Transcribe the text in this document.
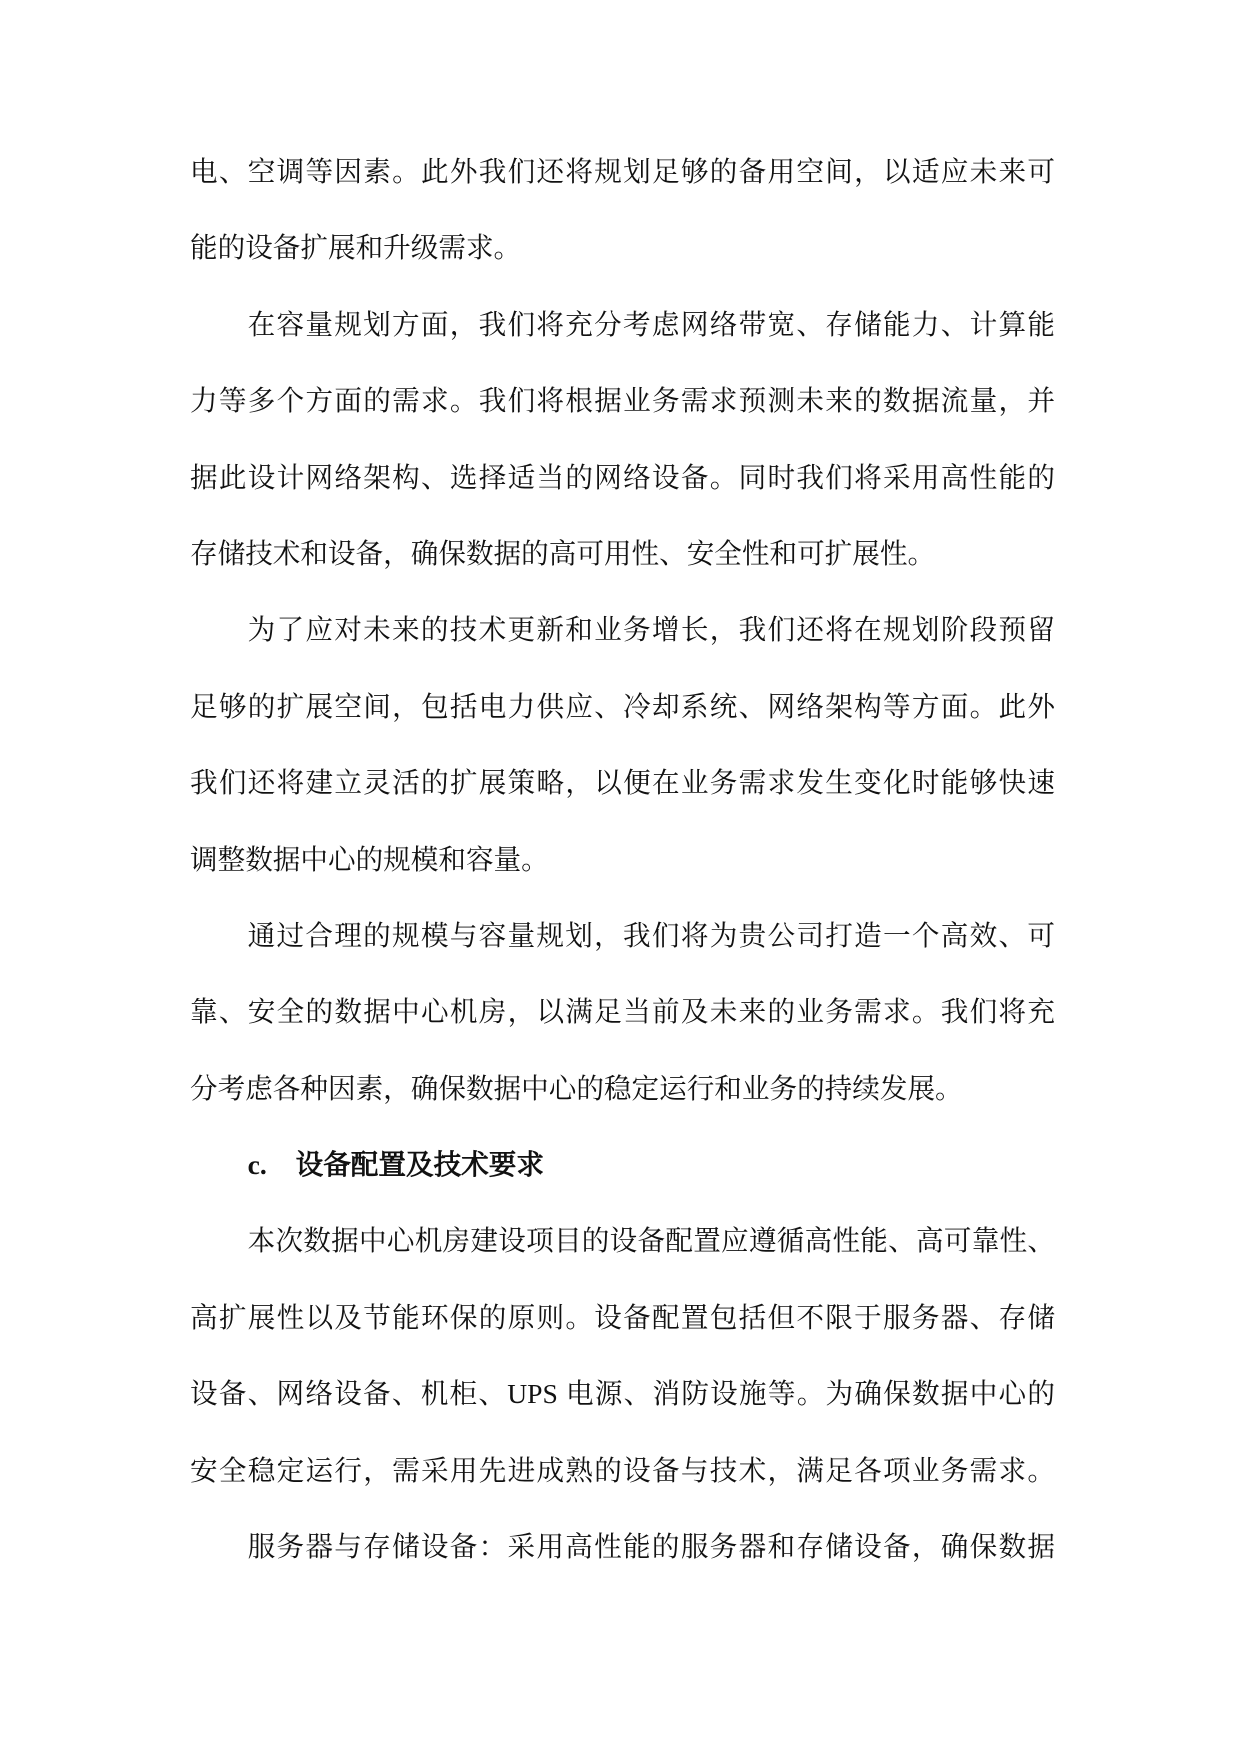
电、空调等因素。此外我们还将规划足够的备用空间，以适应未来可
能的设备扩展和升级需求。
在容量规划方面，我们将充分考虑网络带宽、存储能力、计算能
力等多个方面的需求。我们将根据业务需求预测未来的数据流量，并
据此设计网络架构、选择适当的网络设备。同时我们将采用高性能的
存储技术和设备，确保数据的高可用性、安全性和可扩展性。
为了应对未来的技术更新和业务增长，我们还将在规划阶段预留
足够的扩展空间，包括电力供应、冷却系统、网络架构等方面。此外
我们还将建立灵活的扩展策略，以便在业务需求发生变化时能够快速
调整数据中心的规模和容量。
通过合理的规模与容量规划，我们将为贵公司打造一个高效、可
靠、安全的数据中心机房，以满足当前及未来的业务需求。我们将充
分考虑各种因素，确保数据中心的稳定运行和业务的持续发展。
c. 设备配置及技术要求
本次数据中心机房建设项目的设备配置应遵循高性能、高可靠性、
高扩展性以及节能环保的原则。设备配置包括但不限于服务器、存储
设备、网络设备、机柜、UPS 电源、消防设施等。为确保数据中心的
安全稳定运行，需采用先进成熟的设备与技术，满足各项业务需求。
服务器与存储设备：采用高性能的服务器和存储设备，确保数据
